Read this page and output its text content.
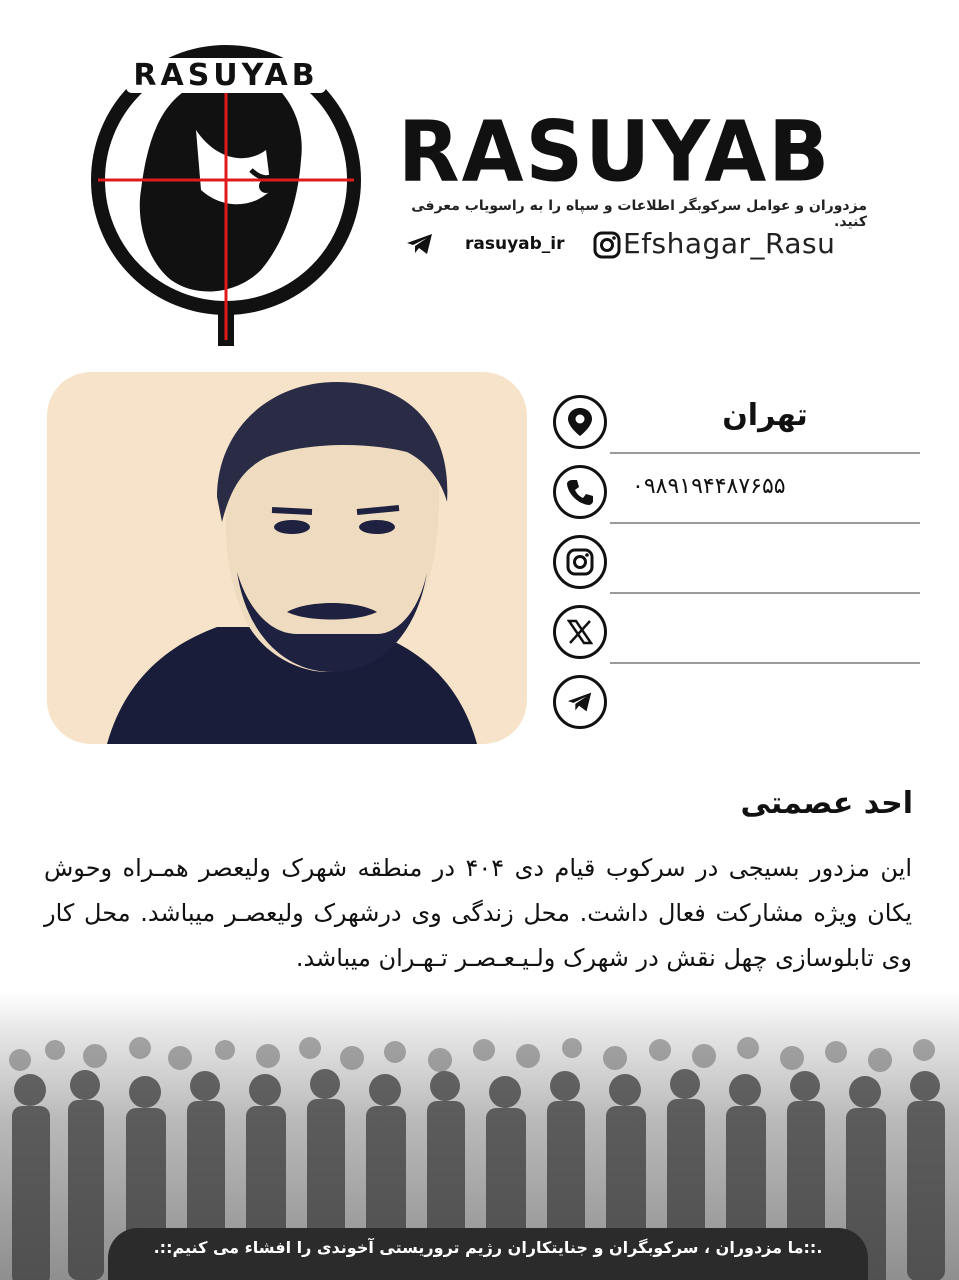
RASUYAB
RASUYAB
مزدوران و عوامل سرکوبگر اطلاعات و سپاه را به راسویاب معرفی کنید.
rasuyab_ir Efshagar_Rasu
تهران
۰۹۸۹۱۹۴۴۸۷۶۵۵
احد عصمتی
این مزدور بسیجی در سرکوب قیام دی ۴۰۴ در منطقه شهرک ولیعصر همـراه وحوش یکان ویژه مشارکت فعال داشت. محل زندگی وی درشهرک ولیعصـر میباشد. محل کار وی تابلوسازی چهل نقش در شهرک ولـیـعـصـر تـهـران میباشد.
.::ما مزدوران ، سرکوبگران و جنایتکاران رژیم تروریستی آخوندی را افشاء می کنیم::.
